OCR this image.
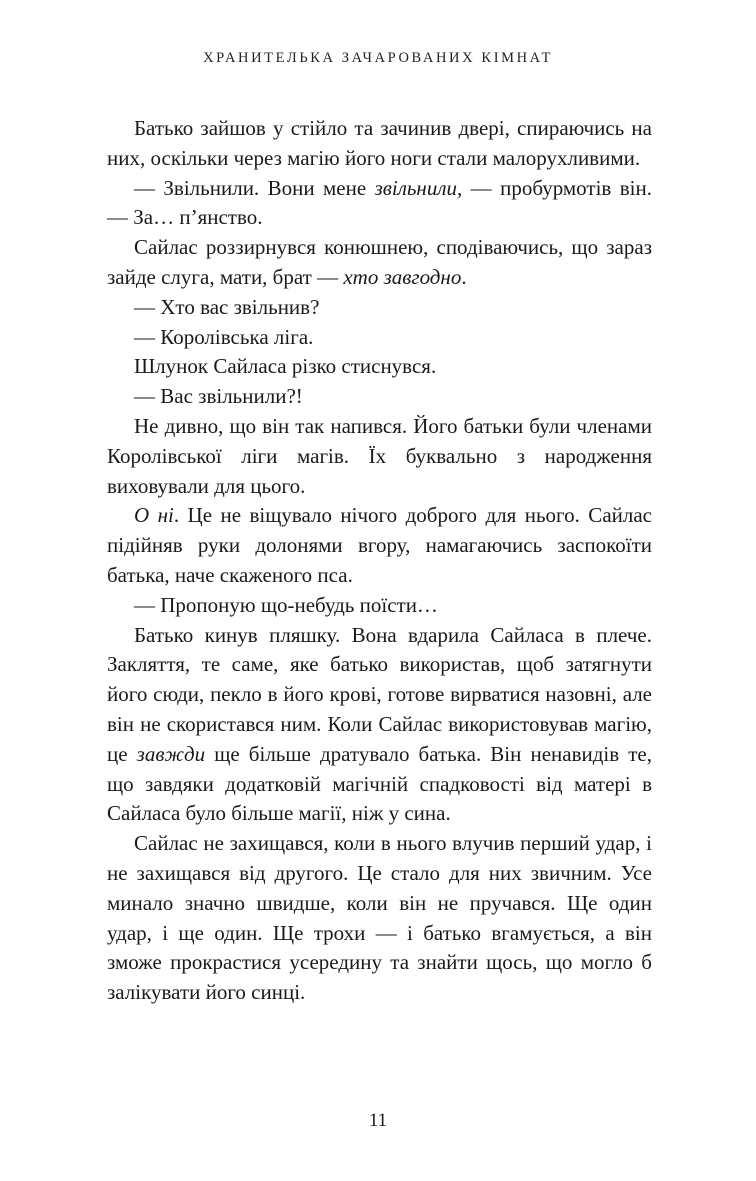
ХРАНИТЕЛЬКА ЗАЧАРОВАНИХ КІМНАТ

Батько зайшов у стійло та зачинив двері, спираючись на них, оскільки через магію його ноги стали малорухливими.

— Звільнили. Вони мене звільнили, — пробурмотів він. — За… п’янство.

Сайлас роззирнувся конюшнею, сподіваючись, що зараз зайде слуга, мати, брат — хто завгодно.

— Хто вас звільнив?

— Королівська ліга.

Шлунок Сайласа різко стиснувся.

— Вас звільнили?!

Не дивно, що він так напився. Його батьки були членами Королівської ліги магів. Їх буквально з народження виховували для цього.

О ні. Це не віщувало нічого доброго для нього. Сайлас підійняв руки долонями вгору, намагаючись заспокоїти батька, наче скаженого пса.

— Пропоную що-небудь поїсти…

Батько кинув пляшку. Вона вдарила Сайласа в плече. Закляття, те саме, яке батько використав, щоб затягнути його сюди, пекло в його крові, готове вирватися назовні, але він не скористався ним. Коли Сайлас використовував магію, це завжди ще більше дратувало батька. Він ненавидів те, що завдяки додатковій магічній спадковості від матері в Сайласа було більше магії, ніж у сина.

Сайлас не захищався, коли в нього влучив перший удар, і не захищався від другого. Це стало для них звичним. Усе минало значно швидше, коли він не пручався. Ще один удар, і ще один. Ще трохи — і батько вгамується, а він зможе прокрастися усередину та знайти щось, що могло б залікувати його синці.

11
